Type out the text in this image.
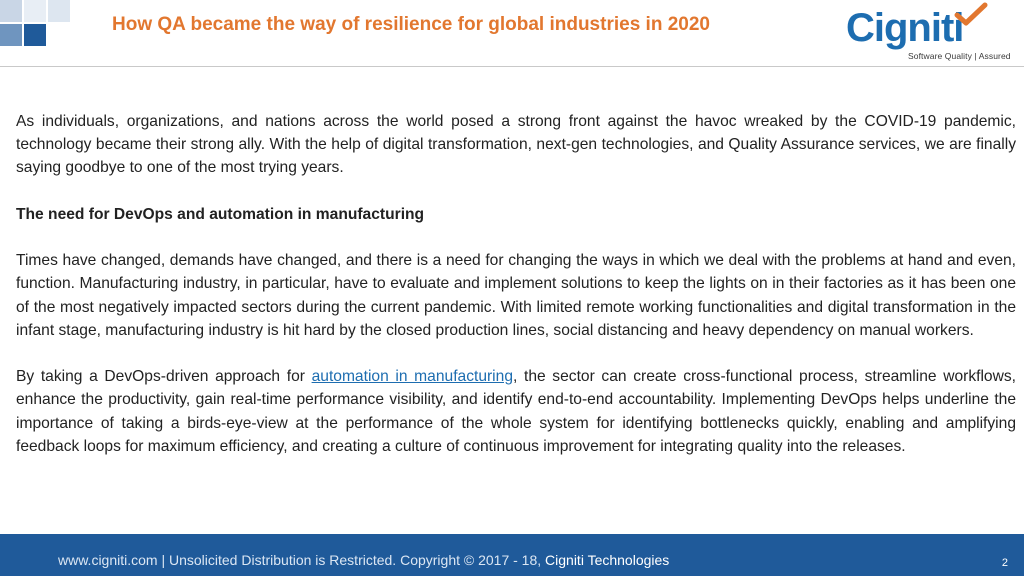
How QA became the way of resilience for global industries in 2020	Cigniti
Software Quality | Assured

As individuals, organizations, and nations across the world posed a strong front against the havoc wreaked by the COVID-19 pandemic, technology became their strong ally. With the help of digital transformation, next-gen technologies, and Quality Assurance services, we are finally saying goodbye to one of the most trying years.

The need for DevOps and automation in manufacturing

Times have changed, demands have changed, and there is a need for changing the ways in which we deal with the problems at hand and even, function. Manufacturing industry, in particular, have to evaluate and implement solutions to keep the lights on in their factories as it has been one of the most negatively impacted sectors during the current pandemic. With limited remote working functionalities and digital transformation in the infant stage, manufacturing industry is hit hard by the closed production lines, social distancing and heavy dependency on manual workers.

By taking a DevOps-driven approach for automation in manufacturing, the sector can create cross-functional process, streamline workflows, enhance the productivity, gain real-time performance visibility, and identify end-to-end accountability. Implementing DevOps helps underline the importance of taking a birds-eye-view at the performance of the whole system for identifying bottlenecks quickly, enabling and amplifying feedback loops for maximum efficiency, and creating a culture of continuous improvement for integrating quality into the releases.

www.cigniti.com | Unsolicited Distribution is Restricted. Copyright © 2017 - 18, Cigniti Technologies	2
